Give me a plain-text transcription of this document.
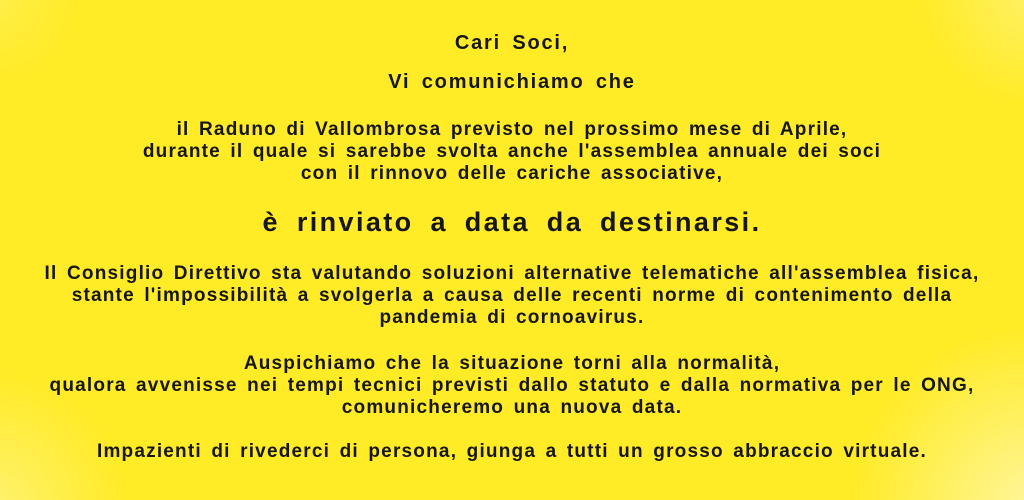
Cari Soci,
Vi comunichiamo che
il Raduno di Vallombrosa previsto nel prossimo mese di Aprile,
durante il quale si sarebbe svolta anche l'assemblea annuale dei soci
con il rinnovo delle cariche associative,
è rinviato a data da destinarsi.
Il Consiglio Direttivo sta valutando soluzioni alternative telematiche all'assemblea fisica,
stante l'impossibilità a svolgerla a causa delle recenti norme di contenimento della
pandemia di cornoavirus.
Auspichiamo che la situazione torni alla normalità,
qualora avvenisse nei tempi tecnici previsti dallo statuto e dalla normativa per le ONG,
comunicheremo una nuova data.
Impazienti di rivederci di persona, giunga a tutti un grosso abbraccio virtuale.
